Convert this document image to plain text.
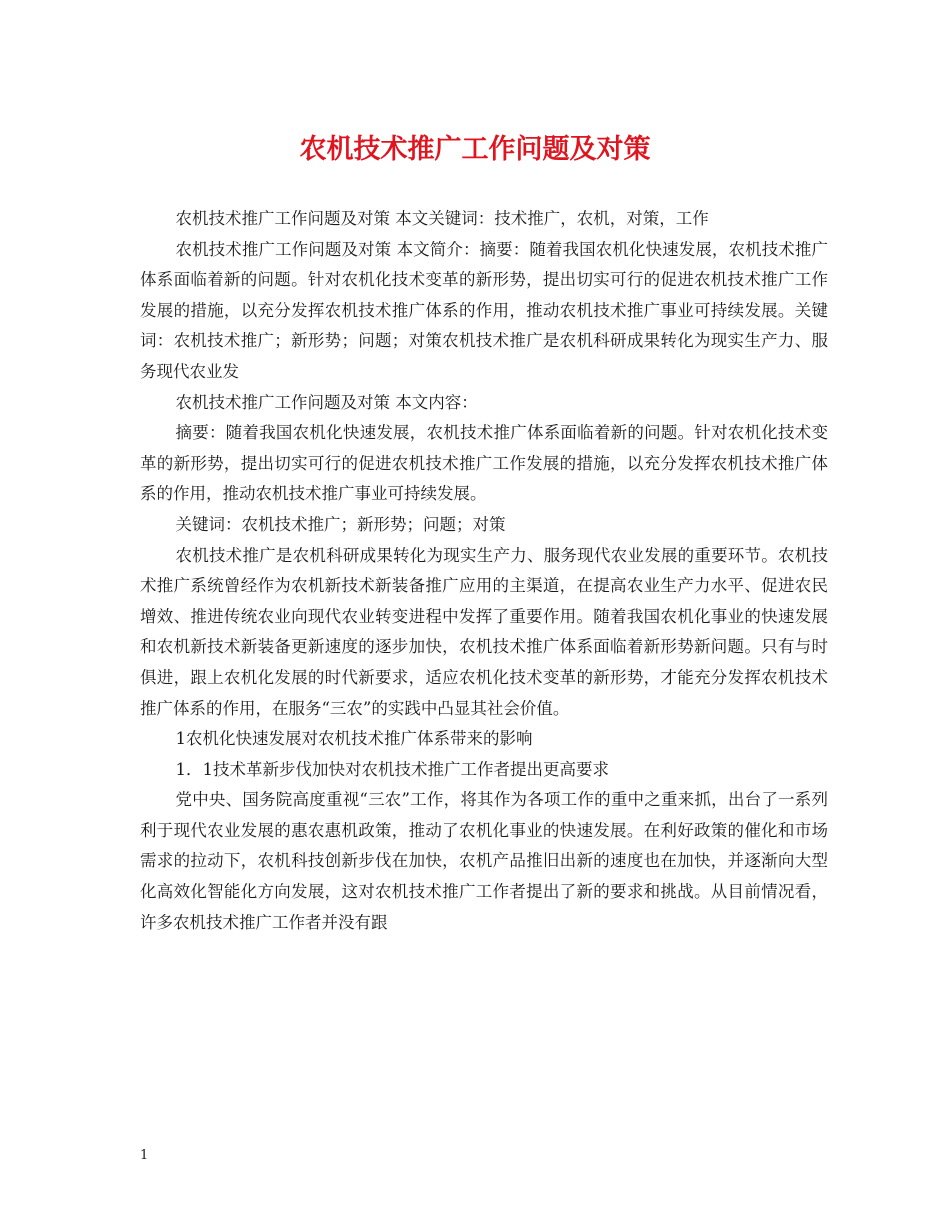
农机技术推广工作问题及对策

农机技术推广工作问题及对策 本文关键词：技术推广，农机，对策，工作

农机技术推广工作问题及对策 本文简介：摘要：随着我国农机化快速发展，农机技术推广体系面临着新的问题。针对农机化技术变革的新形势，提出切实可行的促进农机技术推广工作发展的措施，以充分发挥农机技术推广体系的作用，推动农机技术推广事业可持续发展。关键词：农机技术推广；新形势；问题；对策农机技术推广是农机科研成果转化为现实生产力、服务现代农业发

农机技术推广工作问题及对策 本文内容：

摘要：随着我国农机化快速发展，农机技术推广体系面临着新的问题。针对农机化技术变革的新形势，提出切实可行的促进农机技术推广工作发展的措施，以充分发挥农机技术推广体系的作用，推动农机技术推广事业可持续发展。

关键词：农机技术推广；新形势；问题；对策

农机技术推广是农机科研成果转化为现实生产力、服务现代农业发展的重要环节。农机技术推广系统曾经作为农机新技术新装备推广应用的主渠道，在提高农业生产力水平、促进农民增效、推进传统农业向现代农业转变进程中发挥了重要作用。随着我国农机化事业的快速发展和农机新技术新装备更新速度的逐步加快，农机技术推广体系面临着新形势新问题。只有与时俱进，跟上农机化发展的时代新要求，适应农机化技术变革的新形势，才能充分发挥农机技术推广体系的作用，在服务“三农”的实践中凸显其社会价值。

1农机化快速发展对农机技术推广体系带来的影响

1．1技术革新步伐加快对农机技术推广工作者提出更高要求

党中央、国务院高度重视“三农”工作，将其作为各项工作的重中之重来抓，出台了一系列利于现代农业发展的惠农惠机政策，推动了农机化事业的快速发展。在利好政策的催化和市场需求的拉动下，农机科技创新步伐在加快，农机产品推旧出新的速度也在加快，并逐渐向大型化高效化智能化方向发展，这对农机技术推广工作者提出了新的要求和挑战。从目前情况看，许多农机技术推广工作者并没有跟

1
